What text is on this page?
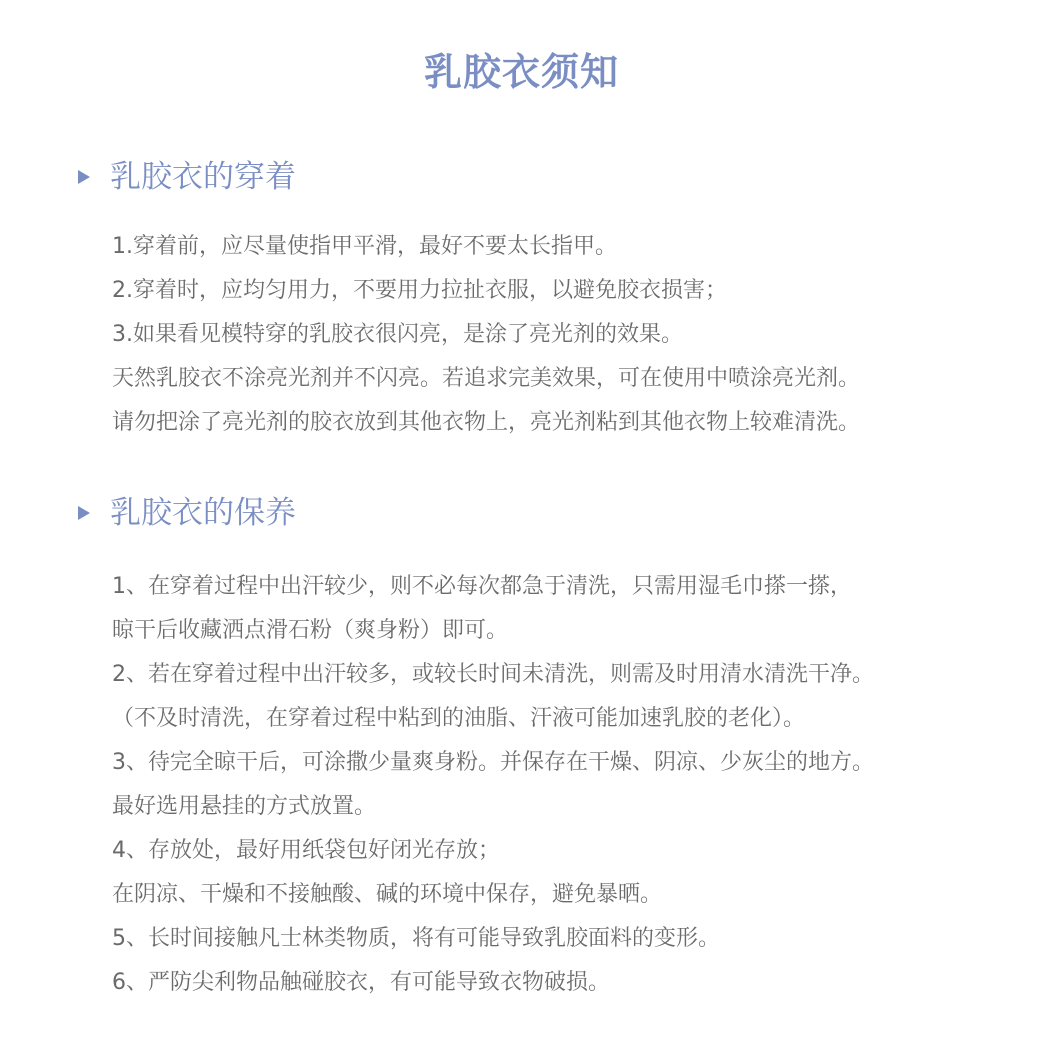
乳胶衣须知
乳胶衣的穿着
1.穿着前，应尽量使指甲平滑，最好不要太长指甲。
2.穿着时，应均匀用力，不要用力拉扯衣服，以避免胶衣损害；
3.如果看见模特穿的乳胶衣很闪亮，是涂了亮光剂的效果。
天然乳胶衣不涂亮光剂并不闪亮。若追求完美效果，可在使用中喷涂亮光剂。
请勿把涂了亮光剂的胶衣放到其他衣物上，亮光剂粘到其他衣物上较难清洗。
乳胶衣的保养
1、在穿着过程中出汗较少，则不必每次都急于清洗，只需用湿毛巾搽一搽，
晾干后收藏洒点滑石粉（爽身粉）即可。
2、若在穿着过程中出汗较多，或较长时间未清洗，则需及时用清水清洗干净。
（不及时清洗，在穿着过程中粘到的油脂、汗液可能加速乳胶的老化）。
3、待完全晾干后，可涂撒少量爽身粉。并保存在干燥、阴凉、少灰尘的地方。
最好选用悬挂的方式放置。
4、存放处，最好用纸袋包好闭光存放；
在阴凉、干燥和不接触酸、碱的环境中保存，避免暴晒。
5、长时间接触凡士林类物质，将有可能导致乳胶面料的变形。
6、严防尖利物品触碰胶衣，有可能导致衣物破损。
